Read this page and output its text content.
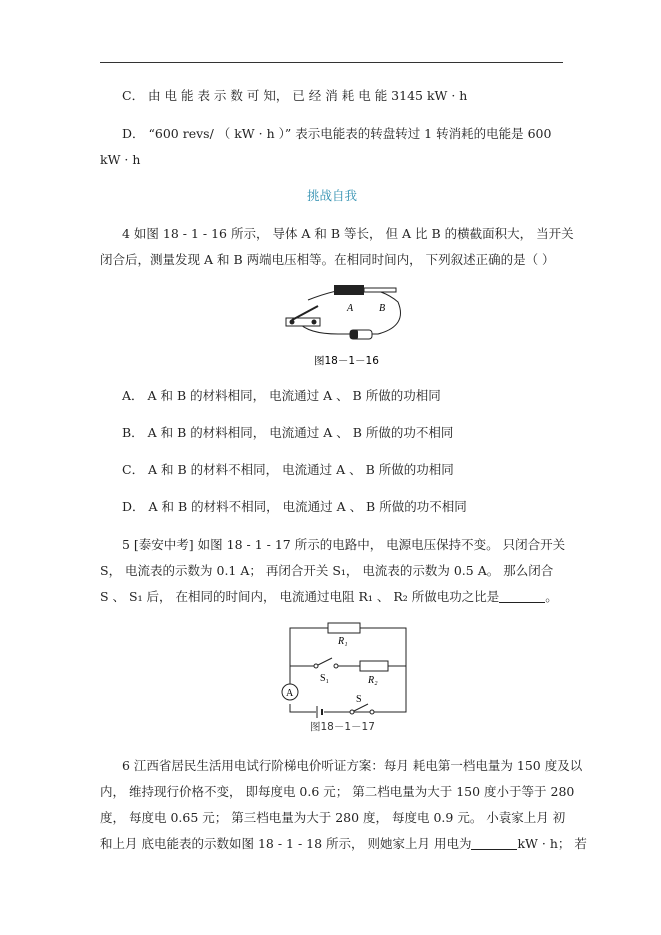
C． 由 电 能 表 示 数 可 知， 已 经 消 耗 电 能 3145 kW · h
D． “600 revs/ （ kW · h ）” 表示电能表的转盘转过 1 转消耗的电能是 600
kW · h
挑战自我
4 如图 18 - 1 - 16 所示， 导体 A 和 B 等长， 但 A 比 B 的横截面积大， 当开关
闭合后，测量发现 A 和 B 两端电压相等。在相同时间内， 下列叙述正确的是（ ）
A	B
图18－1－16
A． A 和 B 的材料相同， 电流通过 A 、 B 所做的功相同
B． A 和 B 的材料相同， 电流通过 A 、 B 所做的功不相同
C． A 和 B 的材料不相同， 电流通过 A 、 B 所做的功相同
D． A 和 B 的材料不相同， 电流通过 A 、 B 所做的功不相同
5 [泰安中考] 如图 18 - 1 - 17 所示的电路中， 电源电压保持不变。 只闭合开关
S， 电流表的示数为 0.1 A； 再闭合开关 S₁， 电流表的示数为 0.5 A。 那么闭合
S 、 S₁ 后， 在相同的时间内， 电流通过电阻 R₁ 、 R₂ 所做电功之比是	。
A
R₁
R₂
S₁
S
图18－1－17
6 江西省居民生活用电试行阶梯电价听证方案：每月 耗电第一档电量为 150 度及以
内， 维持现行价格不变， 即每度电 0.6 元； 第二档电量为大于 150 度小于等于 280
度， 每度电 0.65 元； 第三档电量为大于 280 度， 每度电 0.9 元。 小袁家上月 初
和上月 底电能表的示数如图 18 - 1 - 18 所示， 则她家上月 用电为	kW · h； 若
